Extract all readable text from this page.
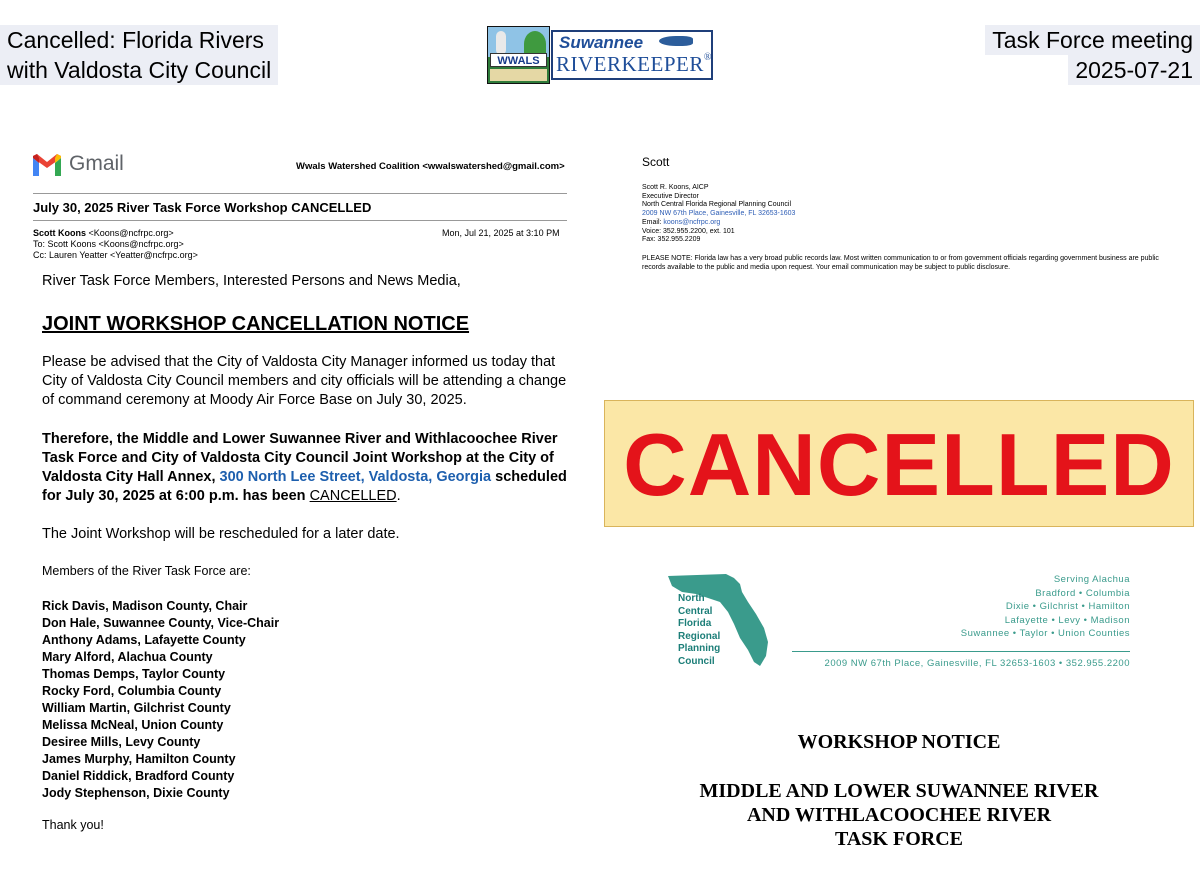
Cancelled: Florida Rivers
with Valdosta City Council
Task Force meeting
2025-07-21
WWALS
Suwannee
RIVERKEEPER®
Gmail	Wwals Watershed Coalition <wwalswatershed@gmail.com>
July 30, 2025 River Task Force Workshop CANCELLED
Scott Koons <Koons@ncfrpc.org>
To: Scott Koons <Koons@ncfrpc.org>
Cc: Lauren Yeatter <Yeatter@ncfrpc.org>
Mon, Jul 21, 2025 at 3:10 PM
River Task Force Members, Interested Persons and News Media,
JOINT WORKSHOP CANCELLATION NOTICE
Please be advised that the City of Valdosta City Manager informed us today that City of Valdosta City Council members and city officials will be attending a change of command ceremony at Moody Air Force Base on July 30, 2025.
Therefore, the Middle and Lower Suwannee River and Withlacoochee River Task Force and City of Valdosta City Council Joint Workshop at the City of Valdosta City Hall Annex, 300 North Lee Street, Valdosta, Georgia scheduled for July 30, 2025 at 6:00 p.m. has been CANCELLED.
The Joint Workshop will be rescheduled for a later date.
Members of the River Task Force are:
Rick Davis, Madison County, Chair
Don Hale, Suwannee County, Vice-Chair
Anthony Adams, Lafayette County
Mary Alford, Alachua County
Thomas Demps, Taylor County
Rocky Ford, Columbia County
William Martin, Gilchrist County
Melissa McNeal, Union County
Desiree Mills, Levy County
James Murphy, Hamilton County
Daniel Riddick, Bradford County
Jody Stephenson, Dixie County
Thank you!
Scott
Scott R. Koons, AICP
Executive Director
North Central Florida Regional Planning Council
2009 NW 67th Place, Gainesville, FL 32653-1603
Email: koons@ncfrpc.org
Voice: 352.955.2200, ext. 101
Fax: 352.955.2209
PLEASE NOTE: Florida law has a very broad public records law. Most written communication to or from government officials regarding government business are public records available to the public and media upon request. Your email communication may be subject to public disclosure.
CANCELLED
North
Central
Florida
Regional
Planning
Council
Serving Alachua
Bradford • Columbia
Dixie • Gilchrist • Hamilton
Lafayette • Levy • Madison
Suwannee • Taylor • Union Counties
2009 NW 67th Place, Gainesville, FL 32653-1603 • 352.955.2200
WORKSHOP NOTICE
MIDDLE AND LOWER SUWANNEE RIVER
AND WITHLACOOCHEE RIVER
TASK FORCE
